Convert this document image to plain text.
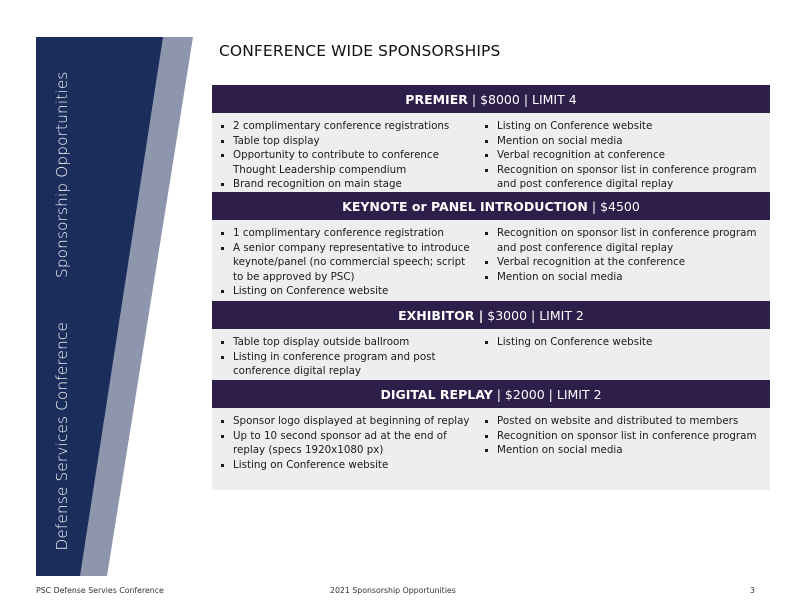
Defense Services ConferenceSponsorship Opportunities
CONFERENCE WIDE SPONSORSHIPS
PREMIER | $8000 | LIMIT 4
2 complimentary conference registrations
Table top display
Opportunity to contribute to conference Thought Leadership compendium
Brand recognition on main stage
Listing on Conference website
Mention on social media
Verbal recognition at conference
Recognition on sponsor list in conference program and post conference digital replay
KEYNOTE or PANEL INTRODUCTION | $4500
1 complimentary conference registration
A senior company representative to introduce keynote/panel (no commercial speech; script to be approved by PSC)
Listing on Conference website
Recognition on sponsor list in conference program and post conference digital replay
Verbal recognition at the conference
Mention on social media
EXHIBITOR | $3000 | LIMIT 2
Table top display outside ballroom
Listing in conference program and post conference digital replay
Listing on Conference website
DIGITAL REPLAY | $2000 | LIMIT 2
Sponsor logo displayed at beginning of replay
Up to 10 second sponsor ad at the end of replay (specs 1920x1080 px)
Listing on Conference website
Posted on website and distributed to members
Recognition on sponsor list in conference program
Mention on social media
PSC Defense Servies Conference	2021 Sponsorship Opportunities	3
